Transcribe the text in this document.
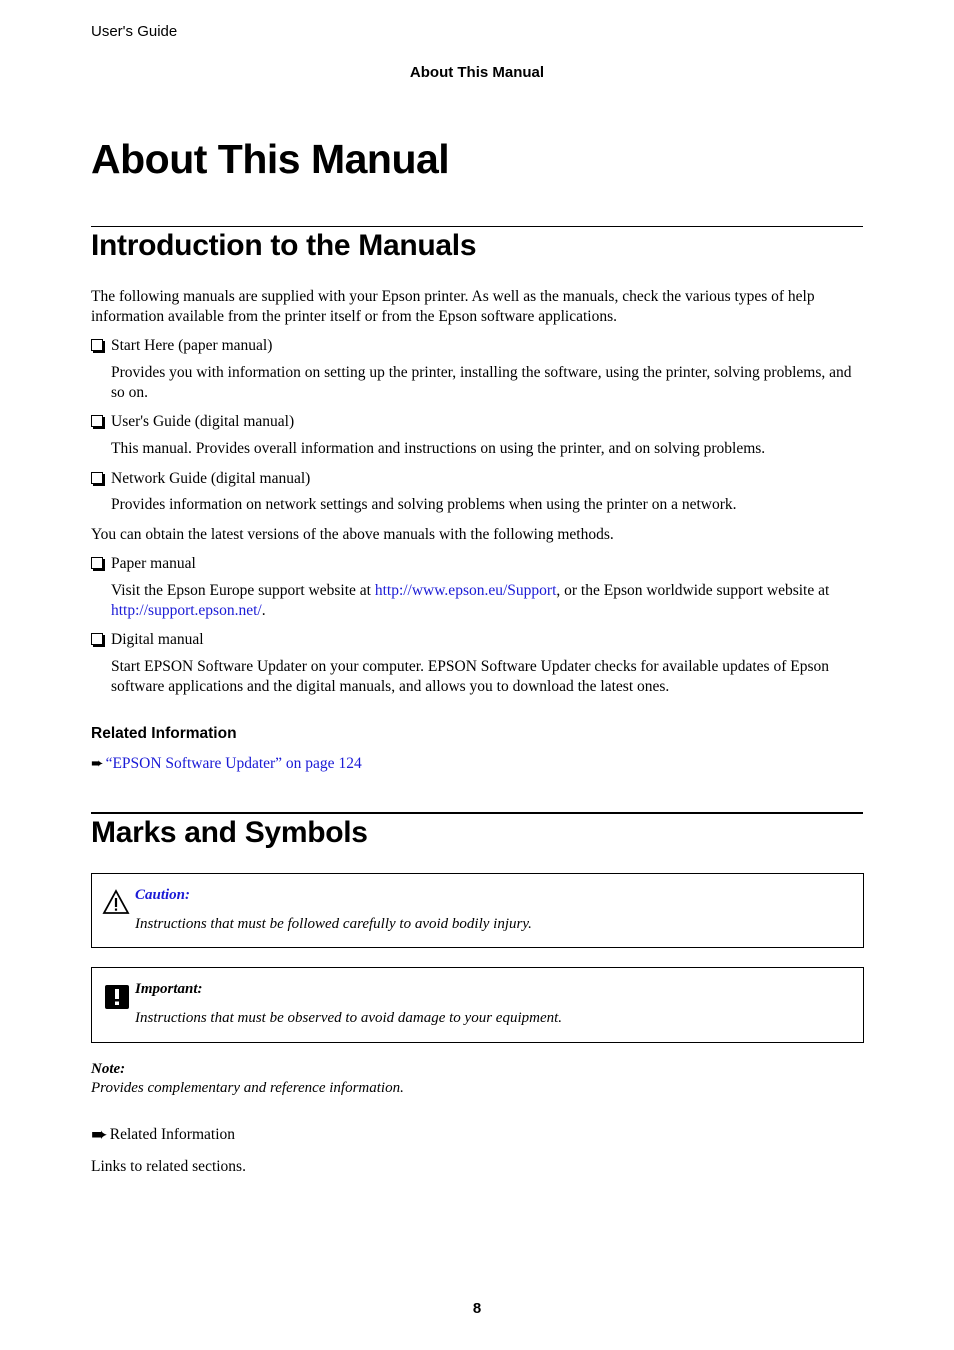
User's Guide
About This Manual
About This Manual
Introduction to the Manuals
The following manuals are supplied with your Epson printer. As well as the manuals, check the various types of help information available from the printer itself or from the Epson software applications.
Start Here (paper manual)
Provides you with information on setting up the printer, installing the software, using the printer, solving problems, and so on.
User's Guide (digital manual)
This manual. Provides overall information and instructions on using the printer, and on solving problems.
Network Guide (digital manual)
Provides information on network settings and solving problems when using the printer on a network.
You can obtain the latest versions of the above manuals with the following methods.
Paper manual
Visit the Epson Europe support website at http://www.epson.eu/Support, or the Epson worldwide support website at http://support.epson.net/.
Digital manual
Start EPSON Software Updater on your computer. EPSON Software Updater checks for available updates of Epson software applications and the digital manuals, and allows you to download the latest ones.
Related Information
➨ “EPSON Software Updater” on page 124
Marks and Symbols
Caution:
Instructions that must be followed carefully to avoid bodily injury.
Important:
Instructions that must be observed to avoid damage to your equipment.
Note:
Provides complementary and reference information.
➨ Related Information
Links to related sections.
8
